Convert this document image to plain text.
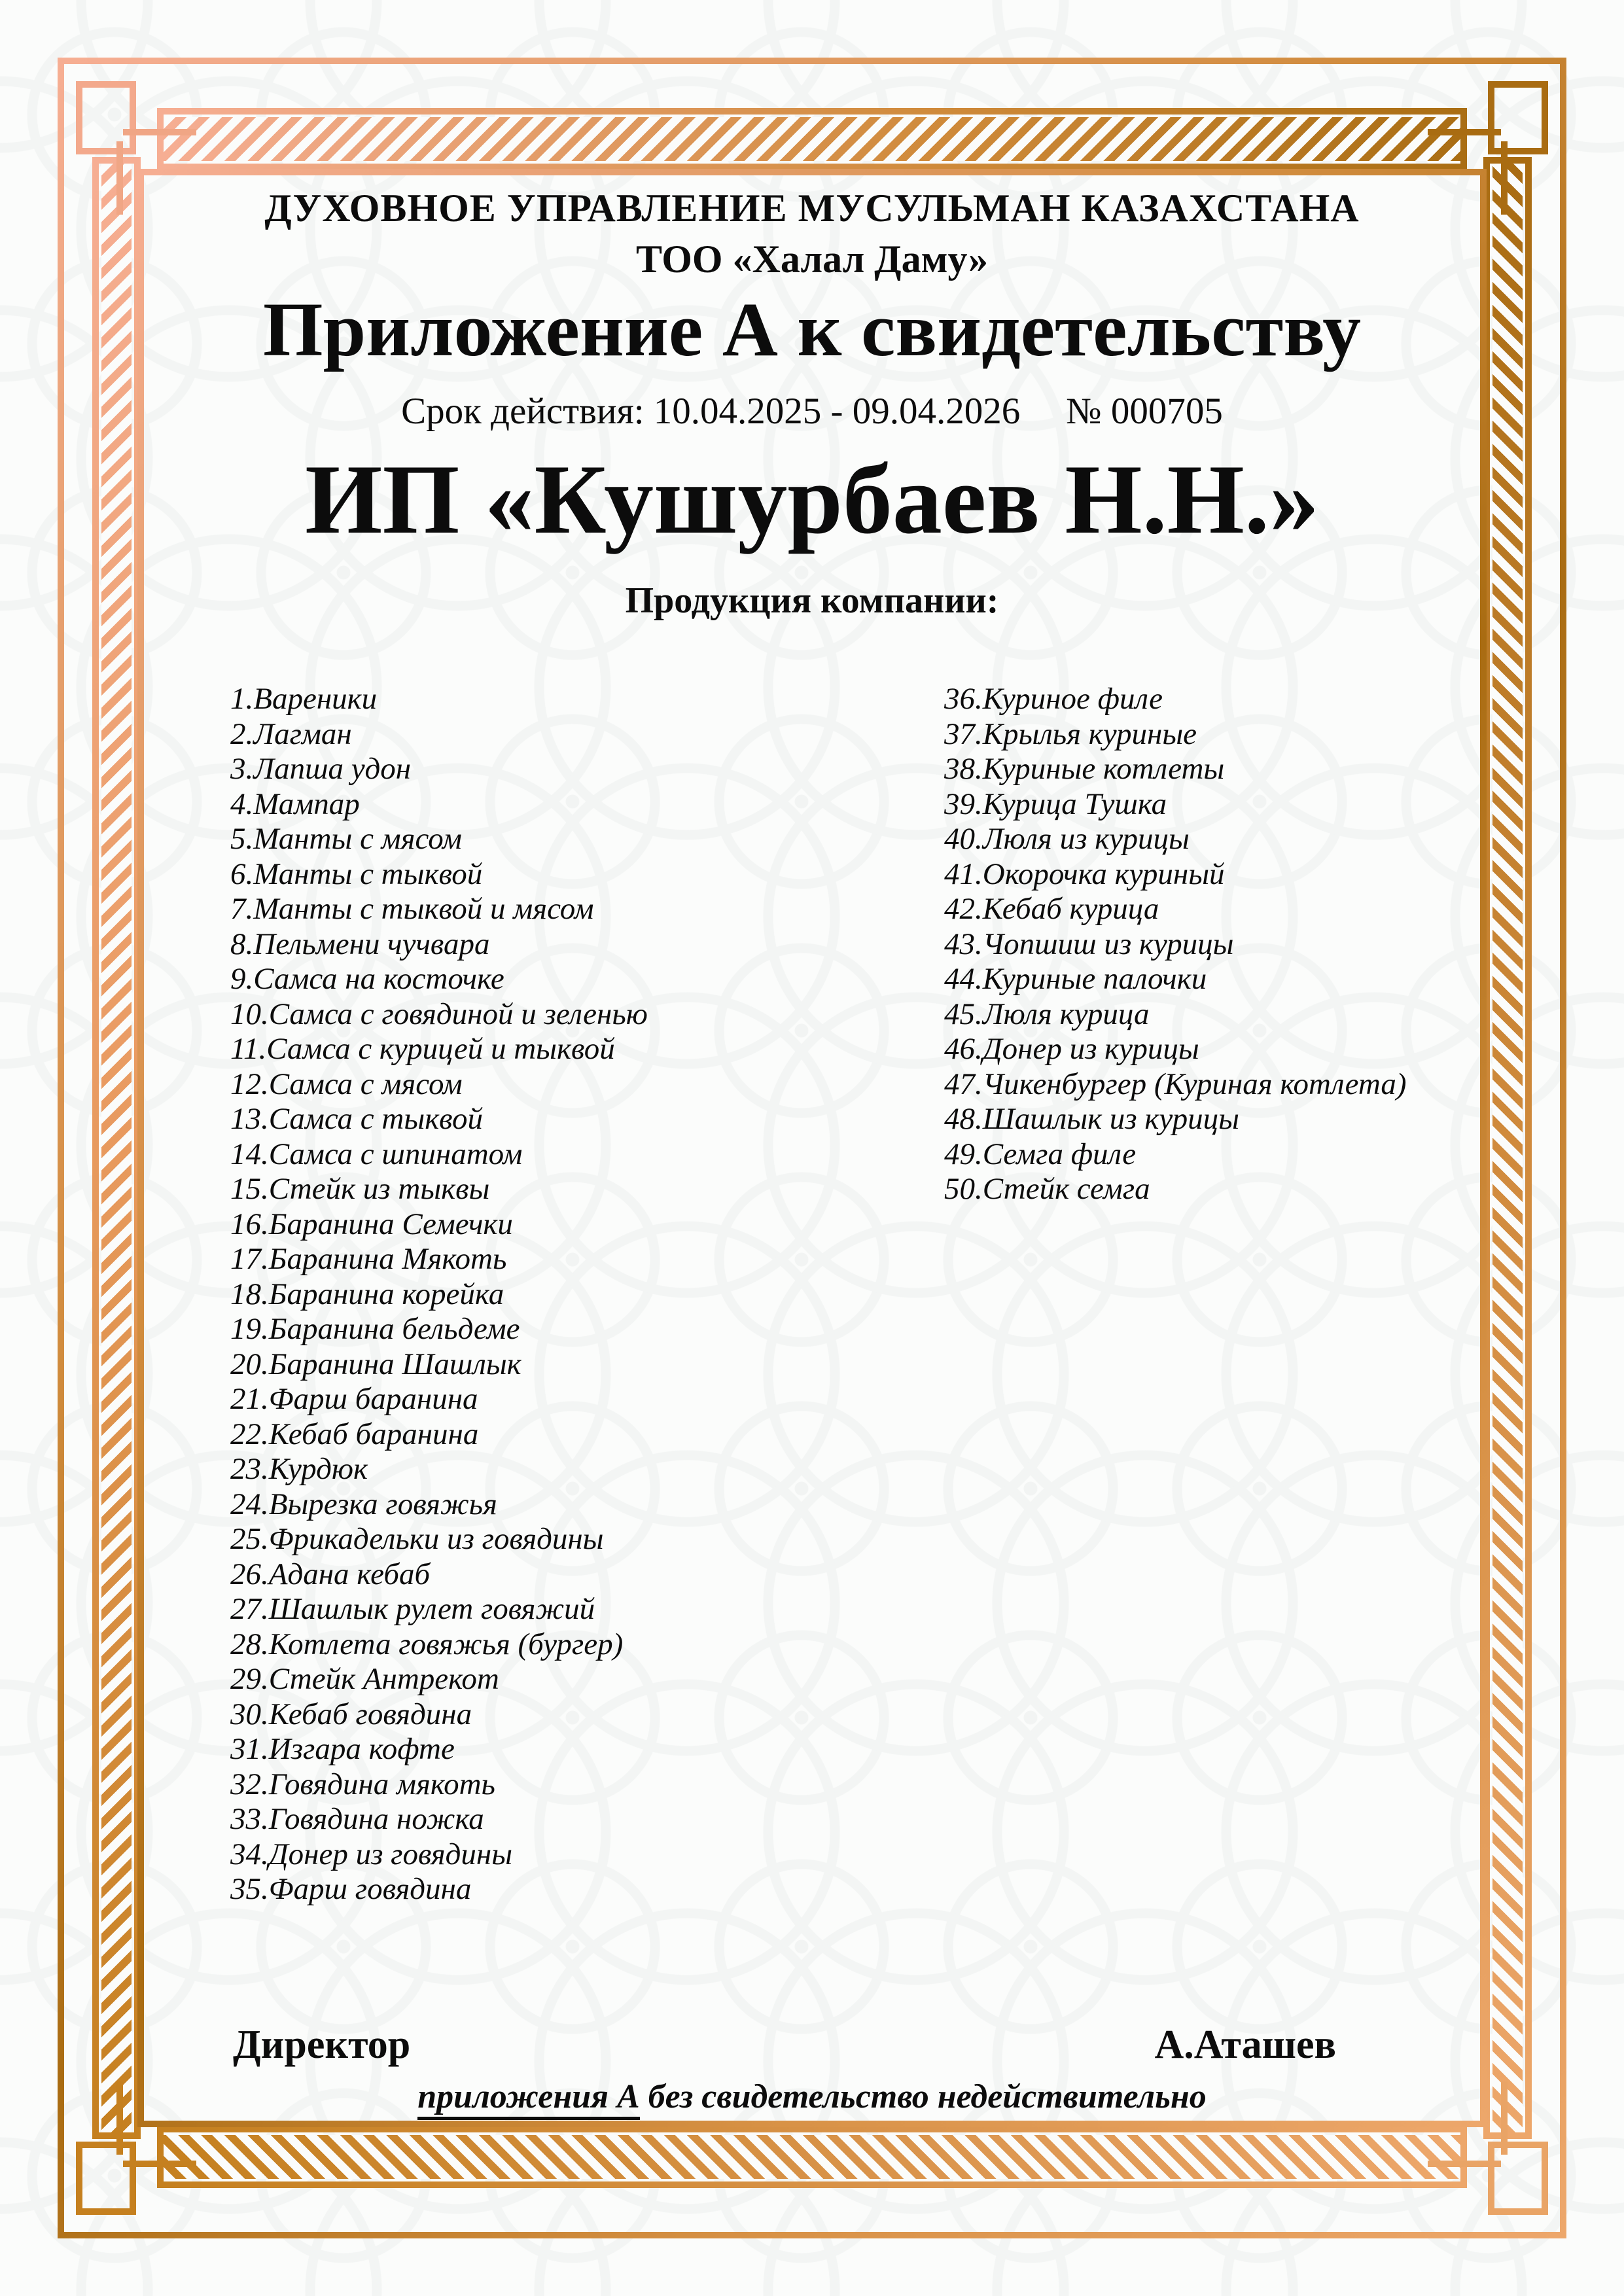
ДУХОВНОЕ УПРАВЛЕНИЕ МУСУЛЬМАН КАЗАХСТАНА
ТОО «Халал Даму»
Приложение А к свидетельству
Срок действия: 10.04.2025 - 09.04.2026 № 000705
ИП «Кушурбаев Н.Н.»
Продукция компании:
1.Вареники
2.Лагман
3.Лапша удон
4.Мампар
5.Манты с мясом
6.Манты с тыквой
7.Манты с тыквой и мясом
8.Пельмени чучвара
9.Самса на косточке
10.Самса с говядиной и зеленью
11.Самса с курицей и тыквой
12.Самса с мясом
13.Самса с тыквой
14.Самса с шпинатом
15.Стейк из тыквы
16.Баранина Семечки
17.Баранина Мякоть
18.Баранина корейка
19.Баранина бельдеме
20.Баранина Шашлык
21.Фарш баранина
22.Кебаб баранина
23.Курдюк
24.Вырезка говяжья
25.Фрикадельки из говядины
26.Адана кебаб
27.Шашлык рулет говяжий
28.Котлета говяжья (бургер)
29.Стейк Антрекот
30.Кебаб говядина
31.Изгара кофте
32.Говядина мякоть
33.Говядина ножка
34.Донер из говядины
35.Фарш говядина
36.Куриное филе
37.Крылья куриные
38.Куриные котлеты
39.Курица Тушка
40.Люля из курицы
41.Окорочка куриный
42.Кебаб курица
43.Чопшиш из курицы
44.Куриные палочки
45.Люля курица
46.Донер из курицы
47.Чикенбургер (Куриная котлета)
48.Шашлык из курицы
49.Семга филе
50.Стейк семга
Директор	А.Аташев
приложения А без свидетельство недействительно
